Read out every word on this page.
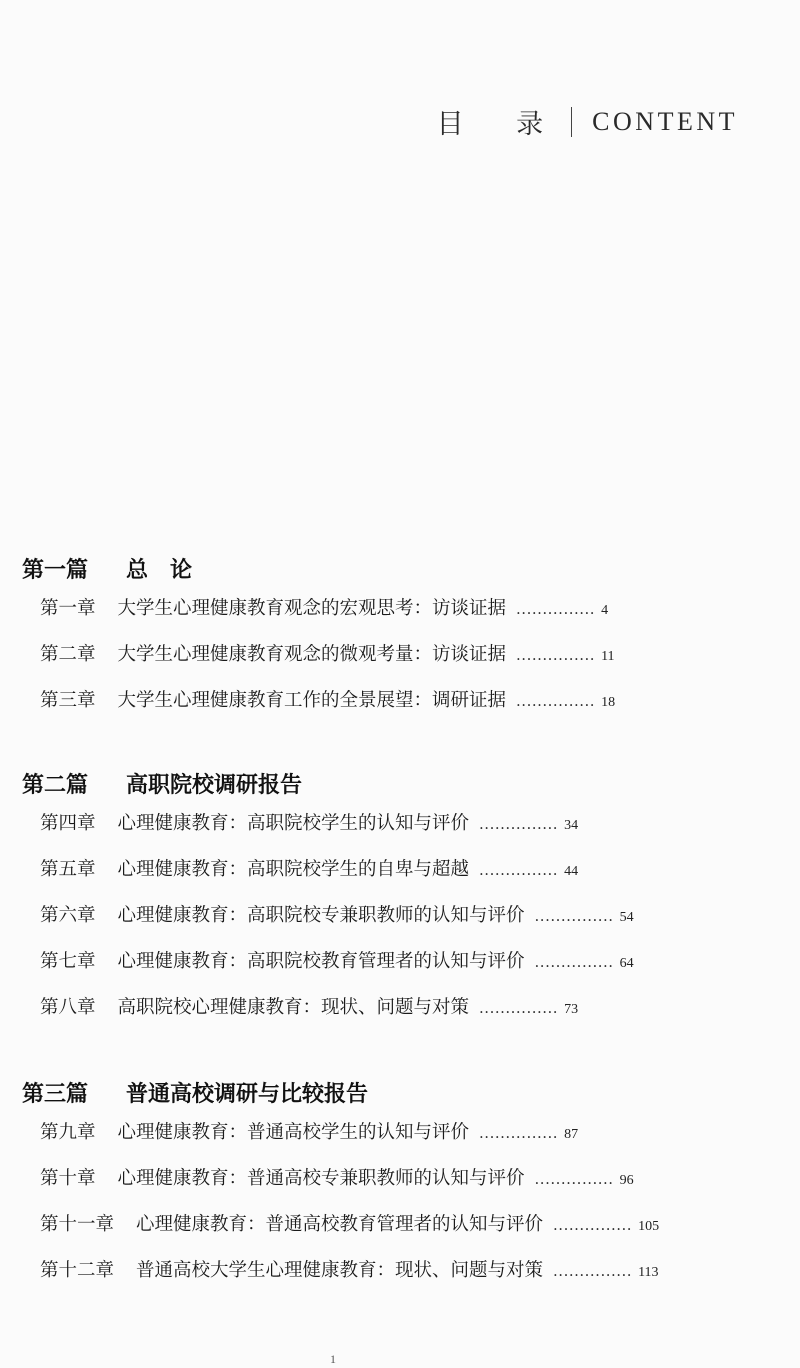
目 录 CONTENT
第一篇 总　论
第一章 大学生心理健康教育观念的宏观思考：访谈证据 ............... 4
第二章 大学生心理健康教育观念的微观考量：访谈证据 ............... 11
第三章 大学生心理健康教育工作的全景展望：调研证据 ............... 18
第二篇 高职院校调研报告
第四章 心理健康教育：高职院校学生的认知与评价 ............... 34
第五章 心理健康教育：高职院校学生的自卑与超越 ............... 44
第六章 心理健康教育：高职院校专兼职教师的认知与评价 ............... 54
第七章 心理健康教育：高职院校教育管理者的认知与评价 ............... 64
第八章 高职院校心理健康教育：现状、问题与对策 ............... 73
第三篇 普通高校调研与比较报告
第九章 心理健康教育：普通高校学生的认知与评价 ............... 87
第十章 心理健康教育：普通高校专兼职教师的认知与评价 ............... 96
第十一章 心理健康教育：普通高校教育管理者的认知与评价 ............... 105
第十二章 普通高校大学生心理健康教育：现状、问题与对策 ............... 113
1
